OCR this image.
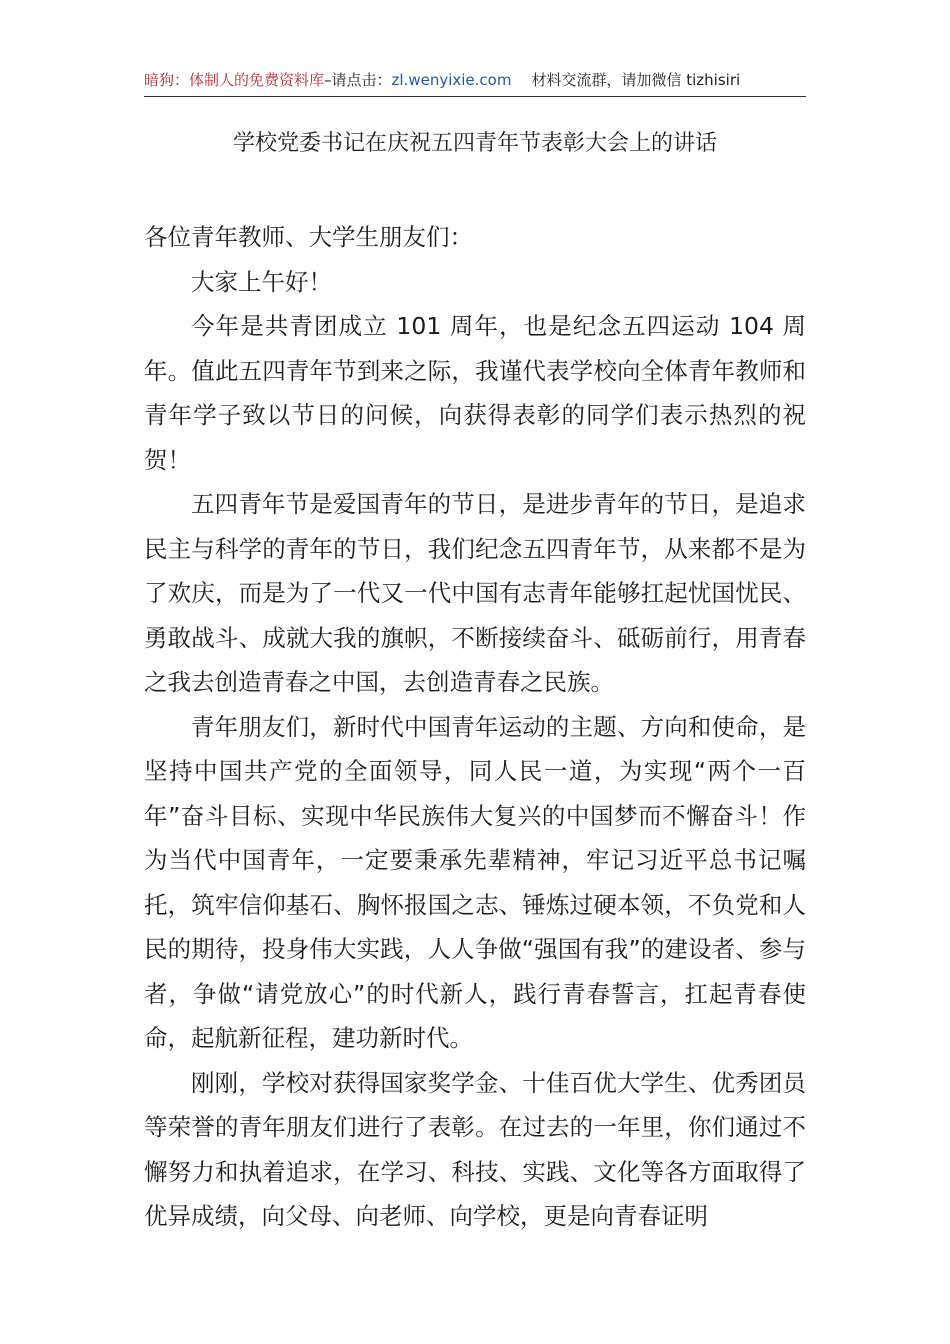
暗狗：体制人的免费资料库–请点击：zl.wenyixie.com 材料交流群，请加微信 tizhisiri
学校党委书记在庆祝五四青年节表彰大会上的讲话

各位青年教师、大学生朋友们：

大家上午好！

今年是共青团成立 101 周年，也是纪念五四运动 104 周年。值此五四青年节到来之际，我谨代表学校向全体青年教师和青年学子致以节日的问候，向获得表彰的同学们表示热烈的祝贺！

五四青年节是爱国青年的节日，是进步青年的节日，是追求民主与科学的青年的节日，我们纪念五四青年节，从来都不是为了欢庆，而是为了一代又一代中国有志青年能够扛起忧国忧民、勇敢战斗、成就大我的旗帜，不断接续奋斗、砥砺前行，用青春之我去创造青春之中国，去创造青春之民族。

青年朋友们，新时代中国青年运动的主题、方向和使命，是坚持中国共产党的全面领导，同人民一道，为实现“两个一百年”奋斗目标、实现中华民族伟大复兴的中国梦而不懈奋斗！作为当代中国青年，一定要秉承先辈精神，牢记习近平总书记嘱托，筑牢信仰基石、胸怀报国之志、锤炼过硬本领，不负党和人民的期待，投身伟大实践，人人争做“强国有我”的建设者、参与者，争做“请党放心”的时代新人，践行青春誓言，扛起青春使命，起航新征程，建功新时代。

刚刚，学校对获得国家奖学金、十佳百优大学生、优秀团员等荣誉的青年朋友们进行了表彰。在过去的一年里，你们通过不懈努力和执着追求，在学习、科技、实践、文化等各方面取得了优异成绩，向父母、向老师、向学校，更是向青春证明
